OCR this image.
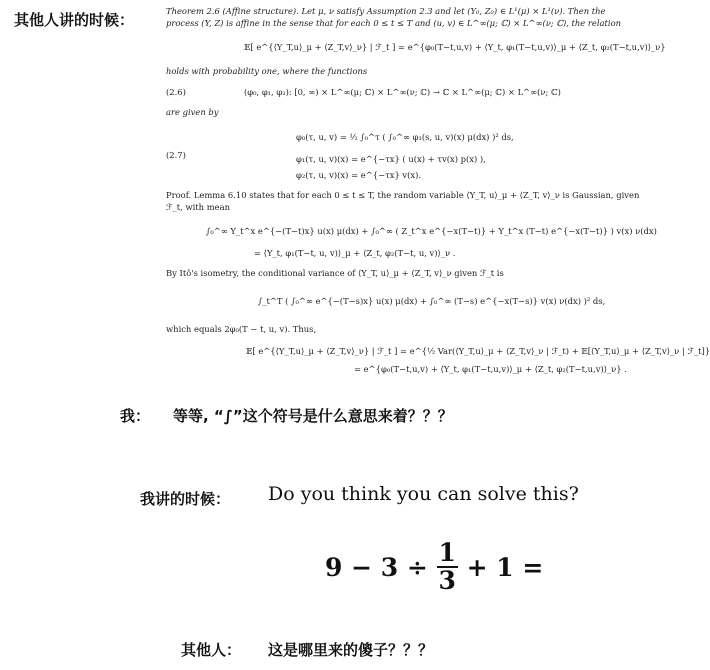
其他人讲的时候：	Theorem 2.6 (Affine structure). Let μ, ν satisfy Assumption 2.3 and let (Y₀, Z₀) ∈ L¹(μ) × L¹(ν). Then the
process (Y, Z) is affine in the sense that for each 0 ≤ t ≤ T and (u, v) ∈ L^∞(μ; ℂ) × L^∞(ν; ℂ), the relation
𝔼[ e^{⟨Y_T,u⟩_μ + ⟨Z_T,v⟩_ν} | ℱ_t ] = e^{φ₀(T−t,u,v) + ⟨Y_t, φ₁(T−t,u,v)⟩_μ + ⟨Z_t, φ₂(T−t,u,v)⟩_ν}
holds with probability one, where the functions
(2.6)	(φ₀, φ₁, φ₂): [0, ∞) × L^∞(μ; ℂ) × L^∞(ν; ℂ) → ℂ × L^∞(μ; ℂ) × L^∞(ν; ℂ)
are given by
(2.7)
φ₀(τ, u, v) = ½ ∫₀^τ ( ∫₀^∞ φ₁(s, u, v)(x) μ(dx) )² ds,
φ₁(τ, u, v)(x) = e^{−τx} ( u(x) + τv(x) p(x) ),
φ₂(τ, u, v)(x) = e^{−τx} v(x).
Proof. Lemma 6.10 states that for each 0 ≤ t ≤ T, the random variable ⟨Y_T, u⟩_μ + ⟨Z_T, v⟩_ν is Gaussian, given
ℱ_t, with mean
∫₀^∞ Y_t^x e^{−(T−t)x} u(x) μ(dx) + ∫₀^∞ ( Z_t^x e^{−x(T−t)} + Y_t^x (T−t) e^{−x(T−t)} ) v(x) ν(dx)
= ⟨Y_t, φ₁(T−t, u, v)⟩_μ + ⟨Z_t, φ₂(T−t, u, v)⟩_ν .
By Itô's isometry, the conditional variance of ⟨Y_T, u⟩_μ + ⟨Z_T, v⟩_ν given ℱ_t is
∫_t^T ( ∫₀^∞ e^{−(T−s)x} u(x) μ(dx) + ∫₀^∞ (T−s) e^{−x(T−s)} v(x) ν(dx) )² ds,
which equals 2φ₀(T − t, u, v). Thus,
𝔼[ e^{⟨Y_T,u⟩_μ + ⟨Z_T,v⟩_ν} | ℱ_t ] = e^{½ Var(⟨Y_T,u⟩_μ + ⟨Z_T,v⟩_ν | ℱ_t) + 𝔼[⟨Y_T,u⟩_μ + ⟨Z_T,v⟩_ν | ℱ_t]}
= e^{φ₀(T−t,u,v) + ⟨Y_t, φ₁(T−t,u,v)⟩_μ + ⟨Z_t, φ₂(T−t,u,v)⟩_ν} .
我： 等等, “∫”这个符号是什么意思来着？？？
我讲的时候： Do you think you can solve this?
$9 - 3 \div \frac{1}{3} + 1$ =
其他人： 这是哪里来的傻子？？？
